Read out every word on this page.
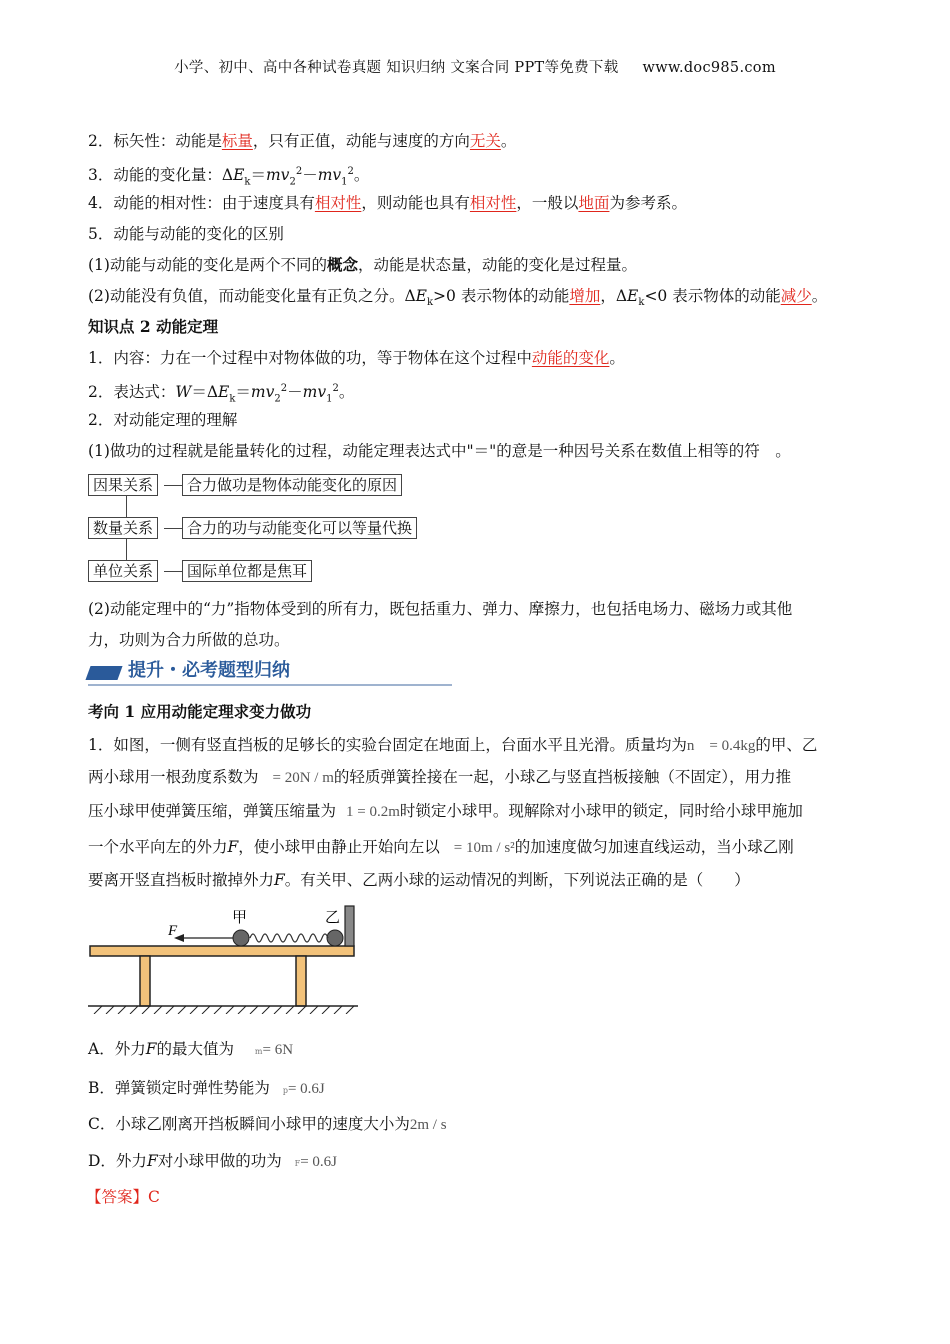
小学、初中、高中各种试卷真题 知识归纳 文案合同 PPT等免费下载 www.doc985.com
2．标矢性：动能是标量，只有正值，动能与速度的方向无关。
3．动能的变化量：$\Delta E_k=mv_2^2-mv_1^2$。
4．动能的相对性：由于速度具有相对性，则动能也具有相对性，一般以地面为参考系。
5．动能与动能的变化的区别
(1)动能与动能的变化是两个不同的概念，动能是状态量，动能的变化是过程量。
(2)动能没有负值，而动能变化量有正负之分。$\Delta E_k>0$ 表示物体的动能增加，$\Delta E_k<0$ 表示物体的动能减少。
知识点 2 动能定理
1．内容：力在一个过程中对物体做的功，等于物体在这个过程中动能的变化。
2．表达式：$W=\Delta E_k=mv_2^2-mv_1^2$。
2．对动能定理的理解
(1)做功的过程就是能量转化的过程，动能定理表达式中"＝"的意是一种因号关系在数值上相等的符　。
因果关系	合力做功是物体动能变化的原因
数量关系	合力的功与动能变化可以等量代换
单位关系	国际单位都是焦耳
(2)动能定理中的“力”指物体受到的所有力，既包括重力、弹力、摩擦力，也包括电场力、磁场力或其他
力，功则为合力所做的总功。
提升・必考题型归纳
考向 1 应用动能定理求变力做功
1．如图，一侧有竖直挡板的足够长的实验台固定在地面上，台面水平且光滑。质量均为n　= 0.4kg的甲、乙
两小球用一根劲度系数为 = 20N / m的轻质弹簧拴接在一起，小球乙与竖直挡板接触（不固定），用力推
压小球甲使弹簧压缩，弹簧压缩量为 1 = 0.2m时锁定小球甲。现解除对小球甲的锁定，同时给小球甲施加
一个水平向左的外力F，使小球甲由静止开始向左以 = 10m / s²的加速度做匀加速直线运动，当小球乙刚
要离开竖直挡板时撤掉外力F。有关甲、乙两小球的运动情况的判断，下列说法正确的是（　　）
F
甲	乙
A．外力F的最大值为	m= 6N
B．弹簧锁定时弹性势能为 p= 0.6J
C．小球乙刚离开挡板瞬间小球甲的速度大小为2m / s
D．外力F对小球甲做的功为 F= 0.6J
【答案】C
